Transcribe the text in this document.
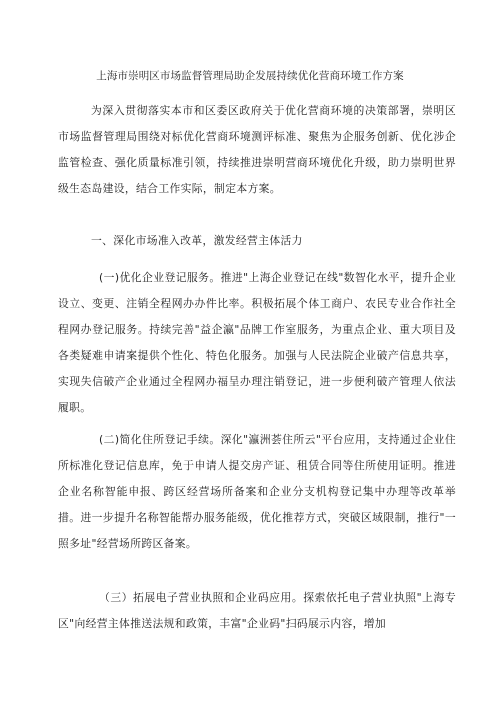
上海市崇明区市场监督管理局助企发展持续优化营商环境工作方案
为深入贯彻落实本市和区委区政府关于优化营商环境的决策部署，崇明区市场监督管理局围绕对标优化营商环境测评标准、聚焦为企服务创新、优化涉企监管检查、强化质量标准引领，持续推进崇明营商环境优化升级，助力崇明世界级生态岛建设，结合工作实际，制定本方案。
一、深化市场准入改革，激发经营主体活力
(一)优化企业登记服务。推进"上海企业登记在线"数智化水平，提升企业设立、变更、注销全程网办办件比率。积极拓展个体工商户、农民专业合作社全程网办登记服务。持续完善"益企瀛"品牌工作室服务，为重点企业、重大项目及各类疑难申请案提供个性化、特色化服务。加强与人民法院企业破产信息共享，实现失信破产企业通过全程网办福呈办理注销登记，进一步便利破产管理人依法履职。
(二)简化住所登记手续。深化"瀛洲荟住所云"平台应用，支持通过企业住所标准化登记信息库，免于申请人提交房产证、租赁合同等住所使用证明。推进企业名称智能申报、跨区经营场所备案和企业分支机构登记集中办理等改革举措。进一步提升名称智能帮办服务能级，优化推荐方式，突破区域限制，推行"一照多址"经营场所跨区备案。
（三）拓展电子营业执照和企业码应用。探索依托电子营业执照"上海专区"向经营主体推送法规和政策，丰富"企业码"扫码展示内容，增加
